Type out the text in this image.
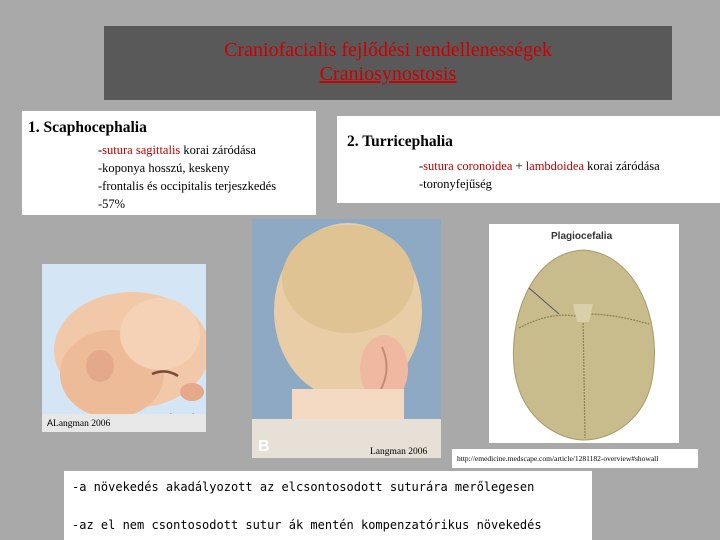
Craniofacialis fejlődési rendellenességek
Craniosynostosis
1. Scaphocephalia
-sutura sagittalis korai záródása
-koponya hosszú, keskeny
-frontalis és occipitalis terjeszkedés
-57%
2. Turricephalia
-sutura coronoidea + lambdoidea korai záródása
-toronyfejűség
ALangman 2006
B	Langman 2006
Plagiocefalia
http://emedicine.medscape.com/article/1281182-overview#showall
-a növekedés akadályozott az elcsontosodott suturára merőlegesen
-az el nem csontosodott sutur ák mentén kompenzatórikus növekedés
